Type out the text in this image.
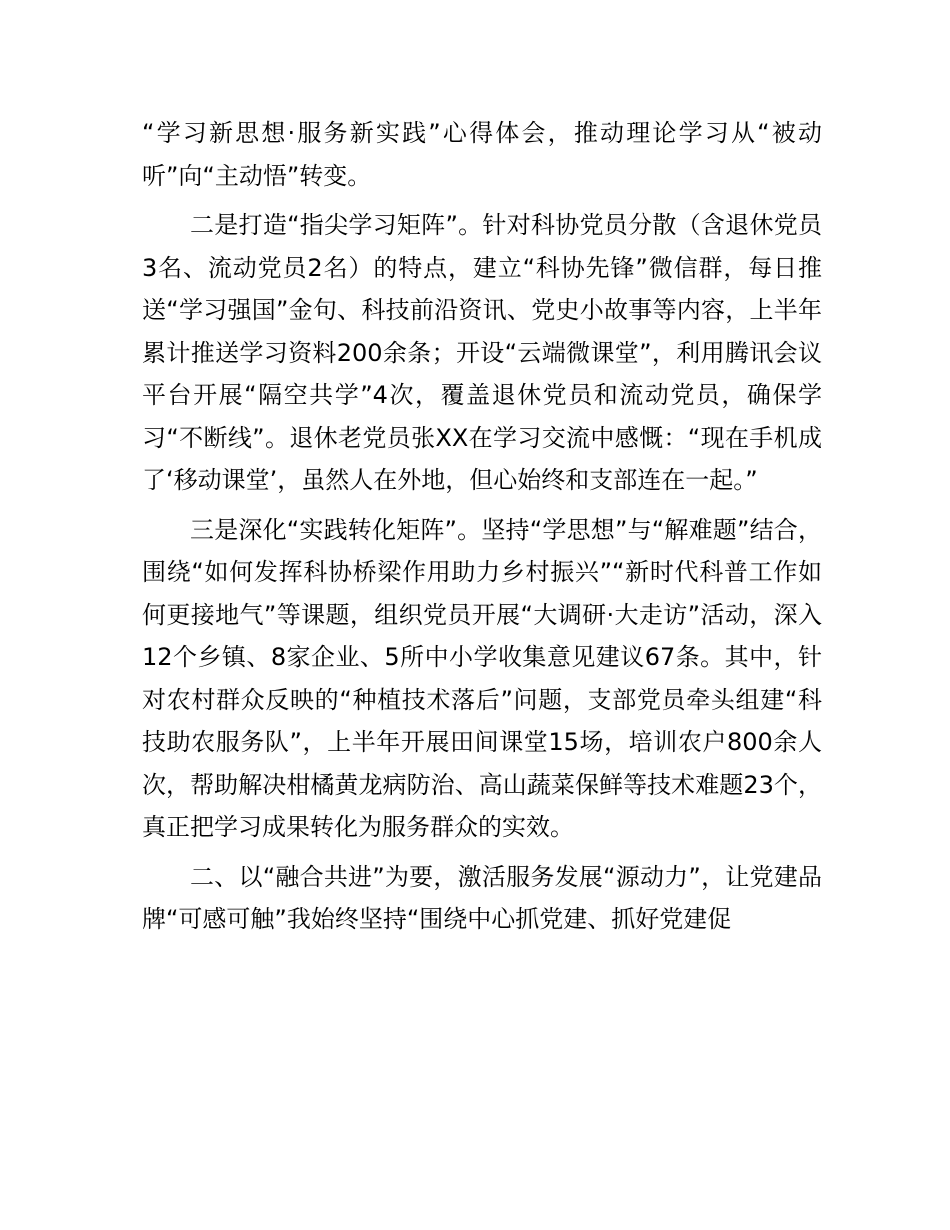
“学习新思想·服务新实践”心得体会，推动理论学习从“被动听”向“主动悟”转变。

二是打造“指尖学习矩阵”。针对科协党员分散（含退休党员3名、流动党员2名）的特点，建立“科协先锋”微信群，每日推送“学习强国”金句、科技前沿资讯、党史小故事等内容，上半年累计推送学习资料200余条；开设“云端微课堂”，利用腾讯会议平台开展“隔空共学”4次，覆盖退休党员和流动党员，确保学习“不断线”。退休老党员张XX在学习交流中感慨：“现在手机成了‘移动课堂’，虽然人在外地，但心始终和支部连在一起。”

三是深化“实践转化矩阵”。坚持“学思想”与“解难题”结合，围绕“如何发挥科协桥梁作用助力乡村振兴”“新时代科普工作如何更接地气”等课题，组织党员开展“大调研·大走访”活动，深入12个乡镇、8家企业、5所中小学收集意见建议67条。其中，针对农村群众反映的“种植技术落后”问题，支部党员牵头组建“科技助农服务队”，上半年开展田间课堂15场，培训农户800余人次，帮助解决柑橘黄龙病防治、高山蔬菜保鲜等技术难题23个，真正把学习成果转化为服务群众的实效。

二、以“融合共进”为要，激活服务发展“源动力”，让党建品牌“可感可触”我始终坚持“围绕中心抓党建、抓好党建促
